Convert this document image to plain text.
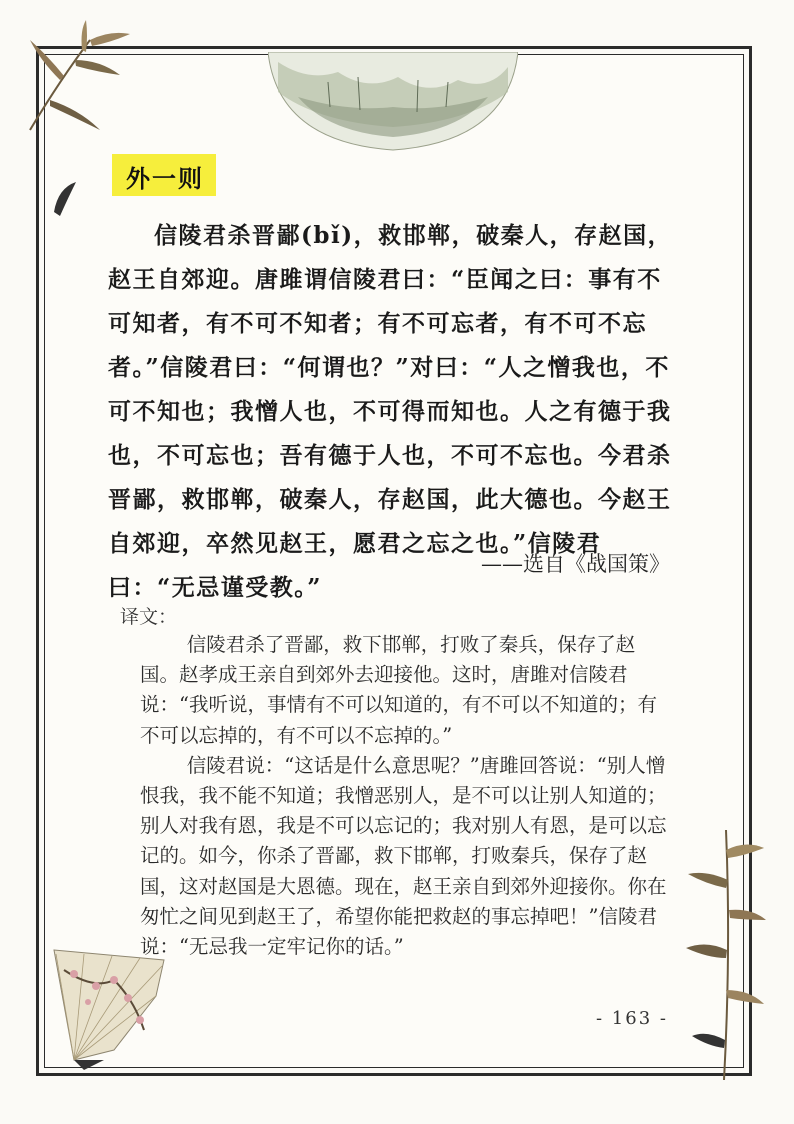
外一则

信陵君杀晋鄙(bǐ)，救邯郸，破秦人，存赵国，赵王自郊迎。唐雎谓信陵君曰：“臣闻之曰：事有不可知者，有不可不知者；有不可忘者，有不可不忘者。”信陵君曰：“何谓也？”对曰：“人之憎我也，不可不知也；我憎人也，不可得而知也。人之有德于我也，不可忘也；吾有德于人也，不可不忘也。今君杀晋鄙，救邯郸，破秦人，存赵国，此大德也。今赵王自郊迎，卒然见赵王，愿君之忘之也。”信陵君曰：“无忌谨受教。”

——选自《战国策》
译文：

信陵君杀了晋鄙，救下邯郸，打败了秦兵，保存了赵国。赵孝成王亲自到郊外去迎接他。这时，唐雎对信陵君说：“我听说，事情有不可以知道的，有不可以不知道的；有不可以忘掉的，有不可以不忘掉的。”

信陵君说：“这话是什么意思呢？”唐雎回答说：“别人憎恨我，我不能不知道；我憎恶别人，是不可以让别人知道的；别人对我有恩，我是不可以忘记的；我对别人有恩，是可以忘记的。如今，你杀了晋鄙，救下邯郸，打败秦兵，保存了赵国，这对赵国是大恩德。现在，赵王亲自到郊外迎接你。你在匆忙之间见到赵王了，希望你能把救赵的事忘掉吧！”信陵君说：“无忌我一定牢记你的话。”

- 163 -
